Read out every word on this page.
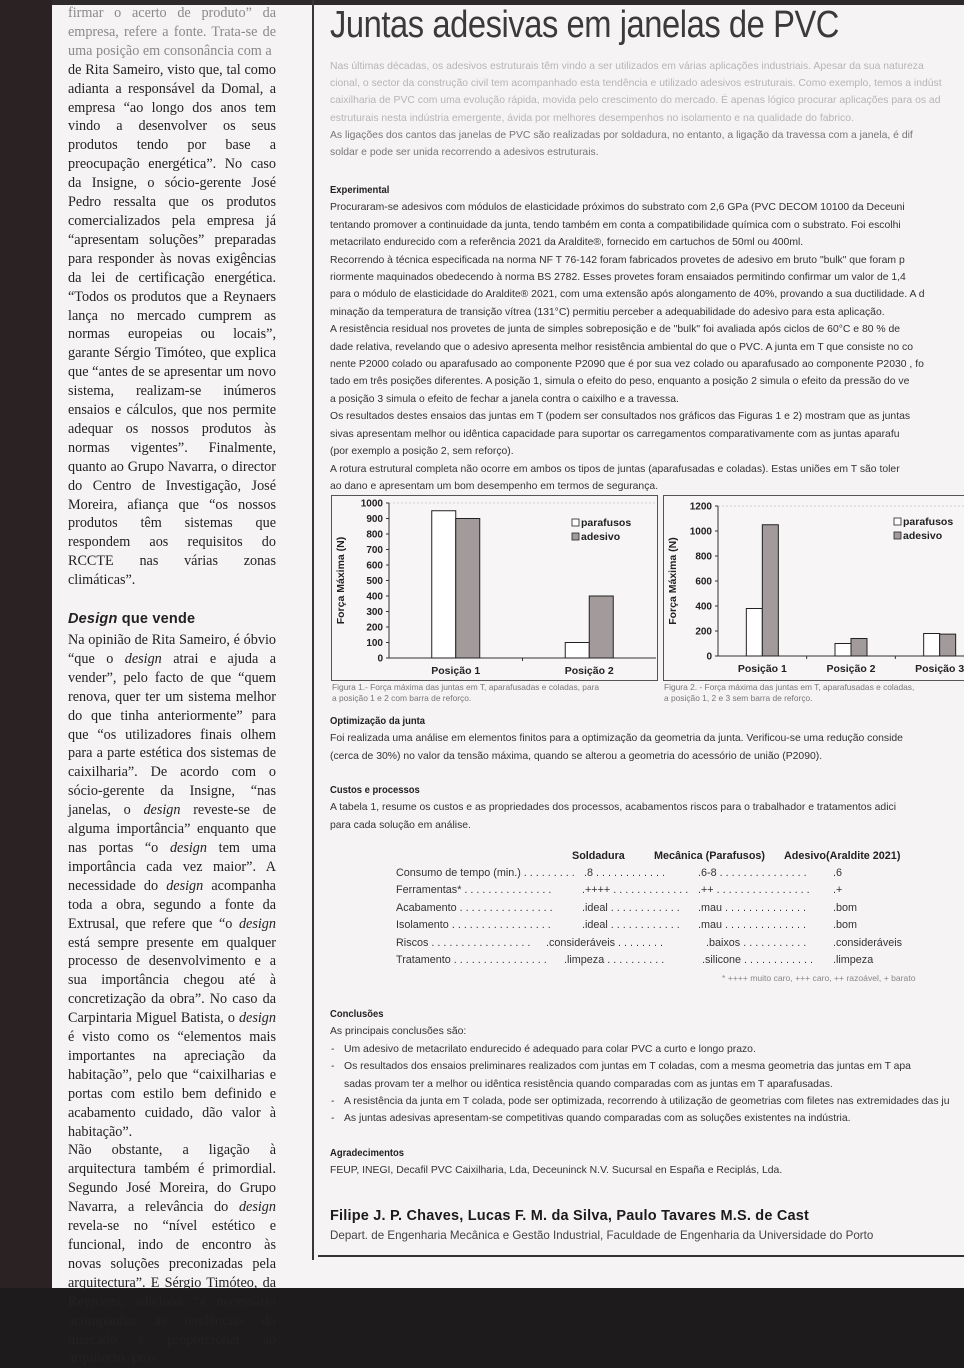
firmar o acerto de produto” da empresa, refere a fonte. Trata-se de uma posição em consonância com a

de Rita Sameiro, visto que, tal como adianta a responsável da Domal, a empresa “ao longo dos anos tem vindo a desenvolver os seus produtos tendo por base a preocupação energética”. No caso da Insigne, o sócio-gerente José Pedro ressalta que os produtos comercializados pela empresa já “apresentam soluções” preparadas para responder às novas exigências da lei de certificação energética. “Todos os produtos que a Reynaers lança no mercado cumprem as normas europeias ou locais”, garante Sérgio Timóteo, que explica que “antes de se apresentar um novo sistema, realizam-se inúmeros ensaios e cálculos, que nos permite adequar os nossos produtos às normas vigentes”. Finalmente, quanto ao Grupo Navarra, o director do Centro de Investigação, José Moreira, afiança que “os nossos produtos têm sistemas que respondem aos requisitos do RCCTE nas várias zonas climáticas”.

Design que vende

Na opinião de Rita Sameiro, é óbvio “que o design atrai e ajuda a vender”, pelo facto de que “quem renova, quer ter um sistema melhor do que tinha anteriormente” para que “os utilizadores finais olhem para a parte estética dos sistemas de caixilharia”. De acordo com o sócio-gerente da Insigne, “nas janelas, o design reveste-se de alguma importância” enquanto que nas portas “o design tem uma importância cada vez maior”. A necessidade do design acompanha toda a obra, segundo a fonte da Extrusal, que refere que “o design está sempre presente em qualquer processo de desenvolvimento e a sua importância chegou até à concretização da obra”. No caso da Carpintaria Miguel Batista, o design é visto como os “elementos mais importantes na apreciação da habitação”, pelo que “caixilharias e portas com estilo bem definido e acabamento cuidado, dão valor à habitação”.

Não obstante, a ligação à arquitectura também é primordial. Segundo José Moreira, do Grupo Navarra, a relevância do design revela-se no “nível estético e funcional, indo de encontro às novas soluções preconizadas pela arquitectura”. E Sérgio Timóteo, da Reynaers, adiciona “é necessário acompanhar as tendências do mercado e proporcionar ao arquitecto, pro-

Juntas adesivas em janelas de PVC
Nas últimas décadas, os adesivos estruturais têm vindo a ser utilizados em várias aplicações industriais. Apesar da sua natureza
cional, o sector da construção civil tem acompanhado esta tendência e utilizado adesivos estruturais. Como exemplo, temos a indúst
caixilharia de PVC com uma evolução rápida, movida pelo crescimento do mercado. É apenas lógico procurar aplicações para os ad
estruturais nesta indústria emergente, ávida por melhores desempenhos no isolamento e na qualidade do fabrico.
As ligações dos cantos das janelas de PVC são realizadas por soldadura, no entanto, a ligação da travessa com a janela, é dif
soldar e pode ser unida recorrendo a adesivos estruturais.
Experimental
Procuraram-se adesivos com módulos de elasticidade próximos do substrato com 2,6 GPa (PVC DECOM 10100 da Deceuni
tentando promover a continuidade da junta, tendo também em conta a compatibilidade química com o substrato. Foi escolhi
metacrilato endurecido com a referência 2021 da Araldite®, fornecido em cartuchos de 50ml ou 400ml.
Recorrendo à técnica especificada na norma NF T 76-142 foram fabricados provetes de adesivo em bruto "bulk" que foram p
riormente maquinados obedecendo à norma BS 2782. Esses provetes foram ensaiados permitindo confirmar um valor de 1,4
para o módulo de elasticidade do Araldite® 2021, com uma extensão após alongamento de 40%, provando a sua ductilidade. A d
minação da temperatura de transição vítrea (131°C) permitiu perceber a adequabilidade do adesivo para esta aplicação.
A resistência residual nos provetes de junta de simples sobreposição e de "bulk" foi avaliada após ciclos de 60°C e 80 % de
dade relativa, revelando que o adesivo apresenta melhor resistência ambiental do que o PVC. A junta em T que consiste no co
nente P2000 colado ou aparafusado ao componente P2090 que é por sua vez colado ou aparafusado ao componente P2030 , fo
tado em três posições diferentes. A posição 1, simula o efeito do peso, enquanto a posição 2 simula o efeito da pressão do ve
a posição 3 simula o efeito de fechar a janela contra o caixilho e a travessa.
Os resultados destes ensaios das juntas em T (podem ser consultados nos gráficos das Figuras 1 e 2) mostram que as juntas
sivas apresentam melhor ou idêntica capacidade para suportar os carregamentos comparativamente com as juntas aparafu
(por exemplo a posição 2, sem reforço).
A rotura estrutural completa não ocorre em ambos os tipos de juntas (aparafusadas e coladas). Estas uniões em T são toler
ao dano e apresentam um bom desempenho em termos de segurança.
Força Máxima (N)
0
100
200
300
400
500
600
700
800
900
1000
Posição 1	Posição 2
parafusos
adesivo
Figura 1.- Força máxima das juntas em T, aparafusadas e coladas, para
a posição 1 e 2 com barra de reforço.
Força Máxima (N)
0
200
400
600
800
1000
1200
Posição 1	Posição 2	Posição 3
parafusos
adesivo
Figura 2. - Força máxima das juntas em T, aparafusadas e coladas,
a posição 1, 2 e 3 sem barra de reforço.
Optimização da junta

Foi realizada uma análise em elementos finitos para a optimização da geometria da junta. Verificou-se uma redução conside

(cerca de 30%) no valor da tensão máxima, quando se alterou a geometria do acessório de união (P2090).

Custos e processos

A tabela 1, resume os custos e as propriedades dos processos, acabamentos riscos para o trabalhador e tratamentos adici

para cada solução em análise.

Soldadura	Mecânica (Parafusos) Adesivo(Araldite 2021)
Consumo de tempo (min.) . . . . . . . . . .8 . . . . . . . . . . . .	.6-8 . . . . . . . . . . . . . . . .6
Ferramentas* . . . . . . . . . . . . . . .	.++++ . . . . . . . . . . . . . .++ . . . . . . . . . . . . . . . . .+
Acabamento . . . . . . . . . . . . . . . .	.ideal . . . . . . . . . . . . .mau . . . . . . . . . . . . . .	.bom
Isolamento . . . . . . . . . . . . . . . . .	.ideal . . . . . . . . . . . . .mau . . . . . . . . . . . . . .	.bom
Riscos . . . . . . . . . . . . . . . . . .consideráveis . . . . . . . .	.baixos . . . . . . . . . . . .consideráveis
Tratamento . . . . . . . . . . . . . . . . .limpeza . . . . . . . . . .	.silicone . . . . . . . . . . . . .limpeza
* ++++ muito caro, +++ caro, ++ razoável, + barato
Conclusões

As principais conclusões são:

- Um adesivo de metacrilato endurecido é adequado para colar PVC a curto e longo prazo.
- Os resultados dos ensaios preliminares realizados com juntas em T coladas, com a mesma geometria das juntas em T apa
sadas provam ter a melhor ou idêntica resistência quando comparadas com as juntas em T aparafusadas.
- A resistência da junta em T colada, pode ser optimizada, recorrendo à utilização de geometrias com filetes nas extremidades das ju
- As juntas adesivas apresentam-se competitivas quando comparadas com as soluções existentes na indústria.
Agradecimentos

FEUP, INEGI, Decafil PVC Caixilharia, Lda, Deceuninck N.V. Sucursal en España e Reciplás, Lda.

Filipe J. P. Chaves, Lucas F. M. da Silva, Paulo Tavares M.S. de Cast
Depart. de Engenharia Mecânica e Gestão Industrial, Faculdade de Engenharia da Universidade do Porto
